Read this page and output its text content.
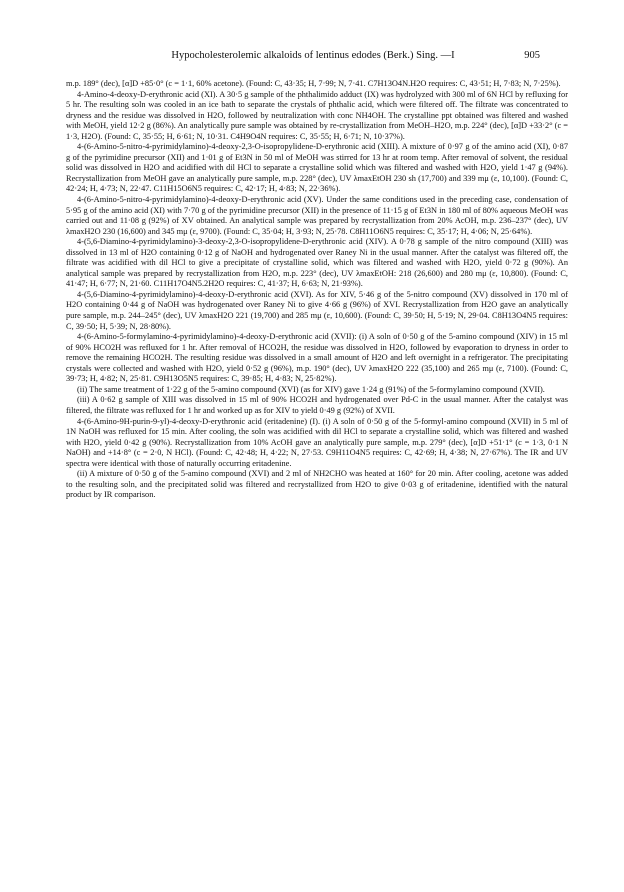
Hypocholesterolemic alkaloids of lentinus edodes (Berk.) Sing. —I	905

m.p. 189° (dec), [α]D +85·0° (c = 1·1, 60% acetone). (Found: C, 43·35; H, 7·99; N, 7·41. C7H13O4N.H2O requires: C, 43·51; H, 7·83; N, 7·25%).

4-Amino-4-deoxy-D-erythronic acid (XI). A 30·5 g sample of the phthalimido adduct (IX) was hydrolyzed with 300 ml of 6N HCl by refluxing for 5 hr. The resulting soln was cooled in an ice bath to separate the crystals of phthalic acid, which were filtered off. The filtrate was concentrated to dryness and the residue was dissolved in H2O, followed by neutralization with conc NH4OH. The crystalline ppt obtained was filtered and washed with MeOH, yield 12·2 g (86%). An analytically pure sample was obtained by re-crystallization from MeOH–H2O, m.p. 224° (dec), [α]D +33·2° (c = 1·3, H2O). (Found: C, 35·55; H, 6·61; N, 10·31. C4H9O4N requires: C, 35·55; H, 6·71; N, 10·37%).

4-(6-Amino-5-nitro-4-pyrimidylamino)-4-deoxy-2,3-O-isopropylidene-D-erythronic acid (XIII). A mixture of 0·97 g of the amino acid (XI), 0·87 g of the pyrimidine precursor (XII) and 1·01 g of Et3N in 50 ml of MeOH was stirred for 13 hr at room temp. After removal of solvent, the residual solid was dissolved in H2O and acidified with dil HCl to separate a crystalline solid which was filtered and washed with H2O, yield 1·47 g (94%). Recrystallization from MeOH gave an analytically pure sample, m.p. 228° (dec), UV λmaxEtOH 230 sh (17,700) and 339 mμ (ε, 10,100). (Found: C, 42·24; H, 4·73; N, 22·47. C11H15O6N5 requires: C, 42·17; H, 4·83; N, 22·36%).

4-(6-Amino-5-nitro-4-pyrimidylamino)-4-deoxy-D-erythronic acid (XV). Under the same conditions used in the preceding case, condensation of 5·95 g of the amino acid (XI) with 7·70 g of the pyrimidine precursor (XII) in the presence of 11·15 g of Et3N in 180 ml of 80% aqueous MeOH was carried out and 11·08 g (92%) of XV obtained. An analytical sample was prepared by recrystallization from 20% AcOH, m.p. 236–237° (dec), UV λmaxH2O 230 (16,600) and 345 mμ (ε, 9700). (Found: C, 35·04; H, 3·93; N, 25·78. C8H11O6N5 requires: C, 35·17; H, 4·06; N, 25·64%).

4-(5,6-Diamino-4-pyrimidylamino)-3-deoxy-2,3-O-isopropylidene-D-erythronic acid (XIV). A 0·78 g sample of the nitro compound (XIII) was dissolved in 13 ml of H2O containing 0·12 g of NaOH and hydrogenated over Raney Ni in the usual manner. After the catalyst was filtered off, the filtrate was acidified with dil HCl to give a precipitate of crystalline solid, which was filtered and washed with H2O, yield 0·72 g (90%). An analytical sample was prepared by recrystallization from H2O, m.p. 223° (dec), UV λmaxEtOH: 218 (26,600) and 280 mμ (ε, 10,800). (Found: C, 41·47; H, 6·77; N, 21·60. C11H17O4N5.2H2O requires: C, 41·37; H, 6·63; N, 21·93%).

4-(5,6-Diamino-4-pyrimidylamino)-4-deoxy-D-erythronic acid (XVI). As for XIV, 5·46 g of the 5-nitro compound (XV) dissolved in 170 ml of H2O containing 0·44 g of NaOH was hydrogenated over Raney Ni to give 4·66 g (96%) of XVI. Recrystallization from H2O gave an analytically pure sample, m.p. 244–245° (dec), UV λmaxH2O 221 (19,700) and 285 mμ (ε, 10,600). (Found: C, 39·50; H, 5·19; N, 29·04. C8H13O4N5 requires: C, 39·50; H, 5·39; N, 28·80%).

4-(6-Amino-5-formylamino-4-pyrimidylamino)-4-deoxy-D-erythronic acid (XVII): (i) A soln of 0·50 g of the 5-amino compound (XIV) in 15 ml of 90% HCO2H was refluxed for 1 hr. After removal of HCO2H, the residue was dissolved in H2O, followed by evaporation to dryness in order to remove the remaining HCO2H. The resulting residue was dissolved in a small amount of H2O and left overnight in a refrigerator. The precipitating crystals were collected and washed with H2O, yield 0·52 g (96%), m.p. 190° (dec), UV λmaxH2O 222 (35,100) and 265 mμ (ε, 7100). (Found: C, 39·73; H, 4·82; N, 25·81. C9H13O5N5 requires: C, 39·85; H, 4·83; N, 25·82%).

(ii) The same treatment of 1·22 g of the 5-amino compound (XVI) (as for XIV) gave 1·24 g (91%) of the 5-formylamino compound (XVII).

(iii) A 0·62 g sample of XIII was dissolved in 15 ml of 90% HCO2H and hydrogenated over Pd-C in the usual manner. After the catalyst was filtered, the filtrate was refluxed for 1 hr and worked up as for XIV to yield 0·49 g (92%) of XVII.

4-(6-Amino-9H-purin-9-yl)-4-deoxy-D-erythronic acid (eritadenine) (I). (i) A soln of 0·50 g of the 5-formyl-amino compound (XVII) in 5 ml of 1N NaOH was refluxed for 15 min. After cooling, the soln was acidified with dil HCl to separate a crystalline solid, which was filtered and washed with H2O, yield 0·42 g (90%). Recrystallization from 10% AcOH gave an analytically pure sample, m.p. 279° (dec), [α]D +51·1° (c = 1·3, 0·1 N NaOH) and +14·8° (c = 2·0, N HCl). (Found: C, 42·48; H, 4·22; N, 27·53. C9H11O4N5 requires: C, 42·69; H, 4·38; N, 27·67%). The IR and UV spectra were identical with those of naturally occurring eritadenine.

(ii) A mixture of 0·50 g of the 5-amino compound (XVI) and 2 ml of NH2CHO was heated at 160° for 20 min. After cooling, acetone was added to the resulting soln, and the precipitated solid was filtered and recrystallized from H2O to give 0·03 g of eritadenine, identified with the natural product by IR comparison.
